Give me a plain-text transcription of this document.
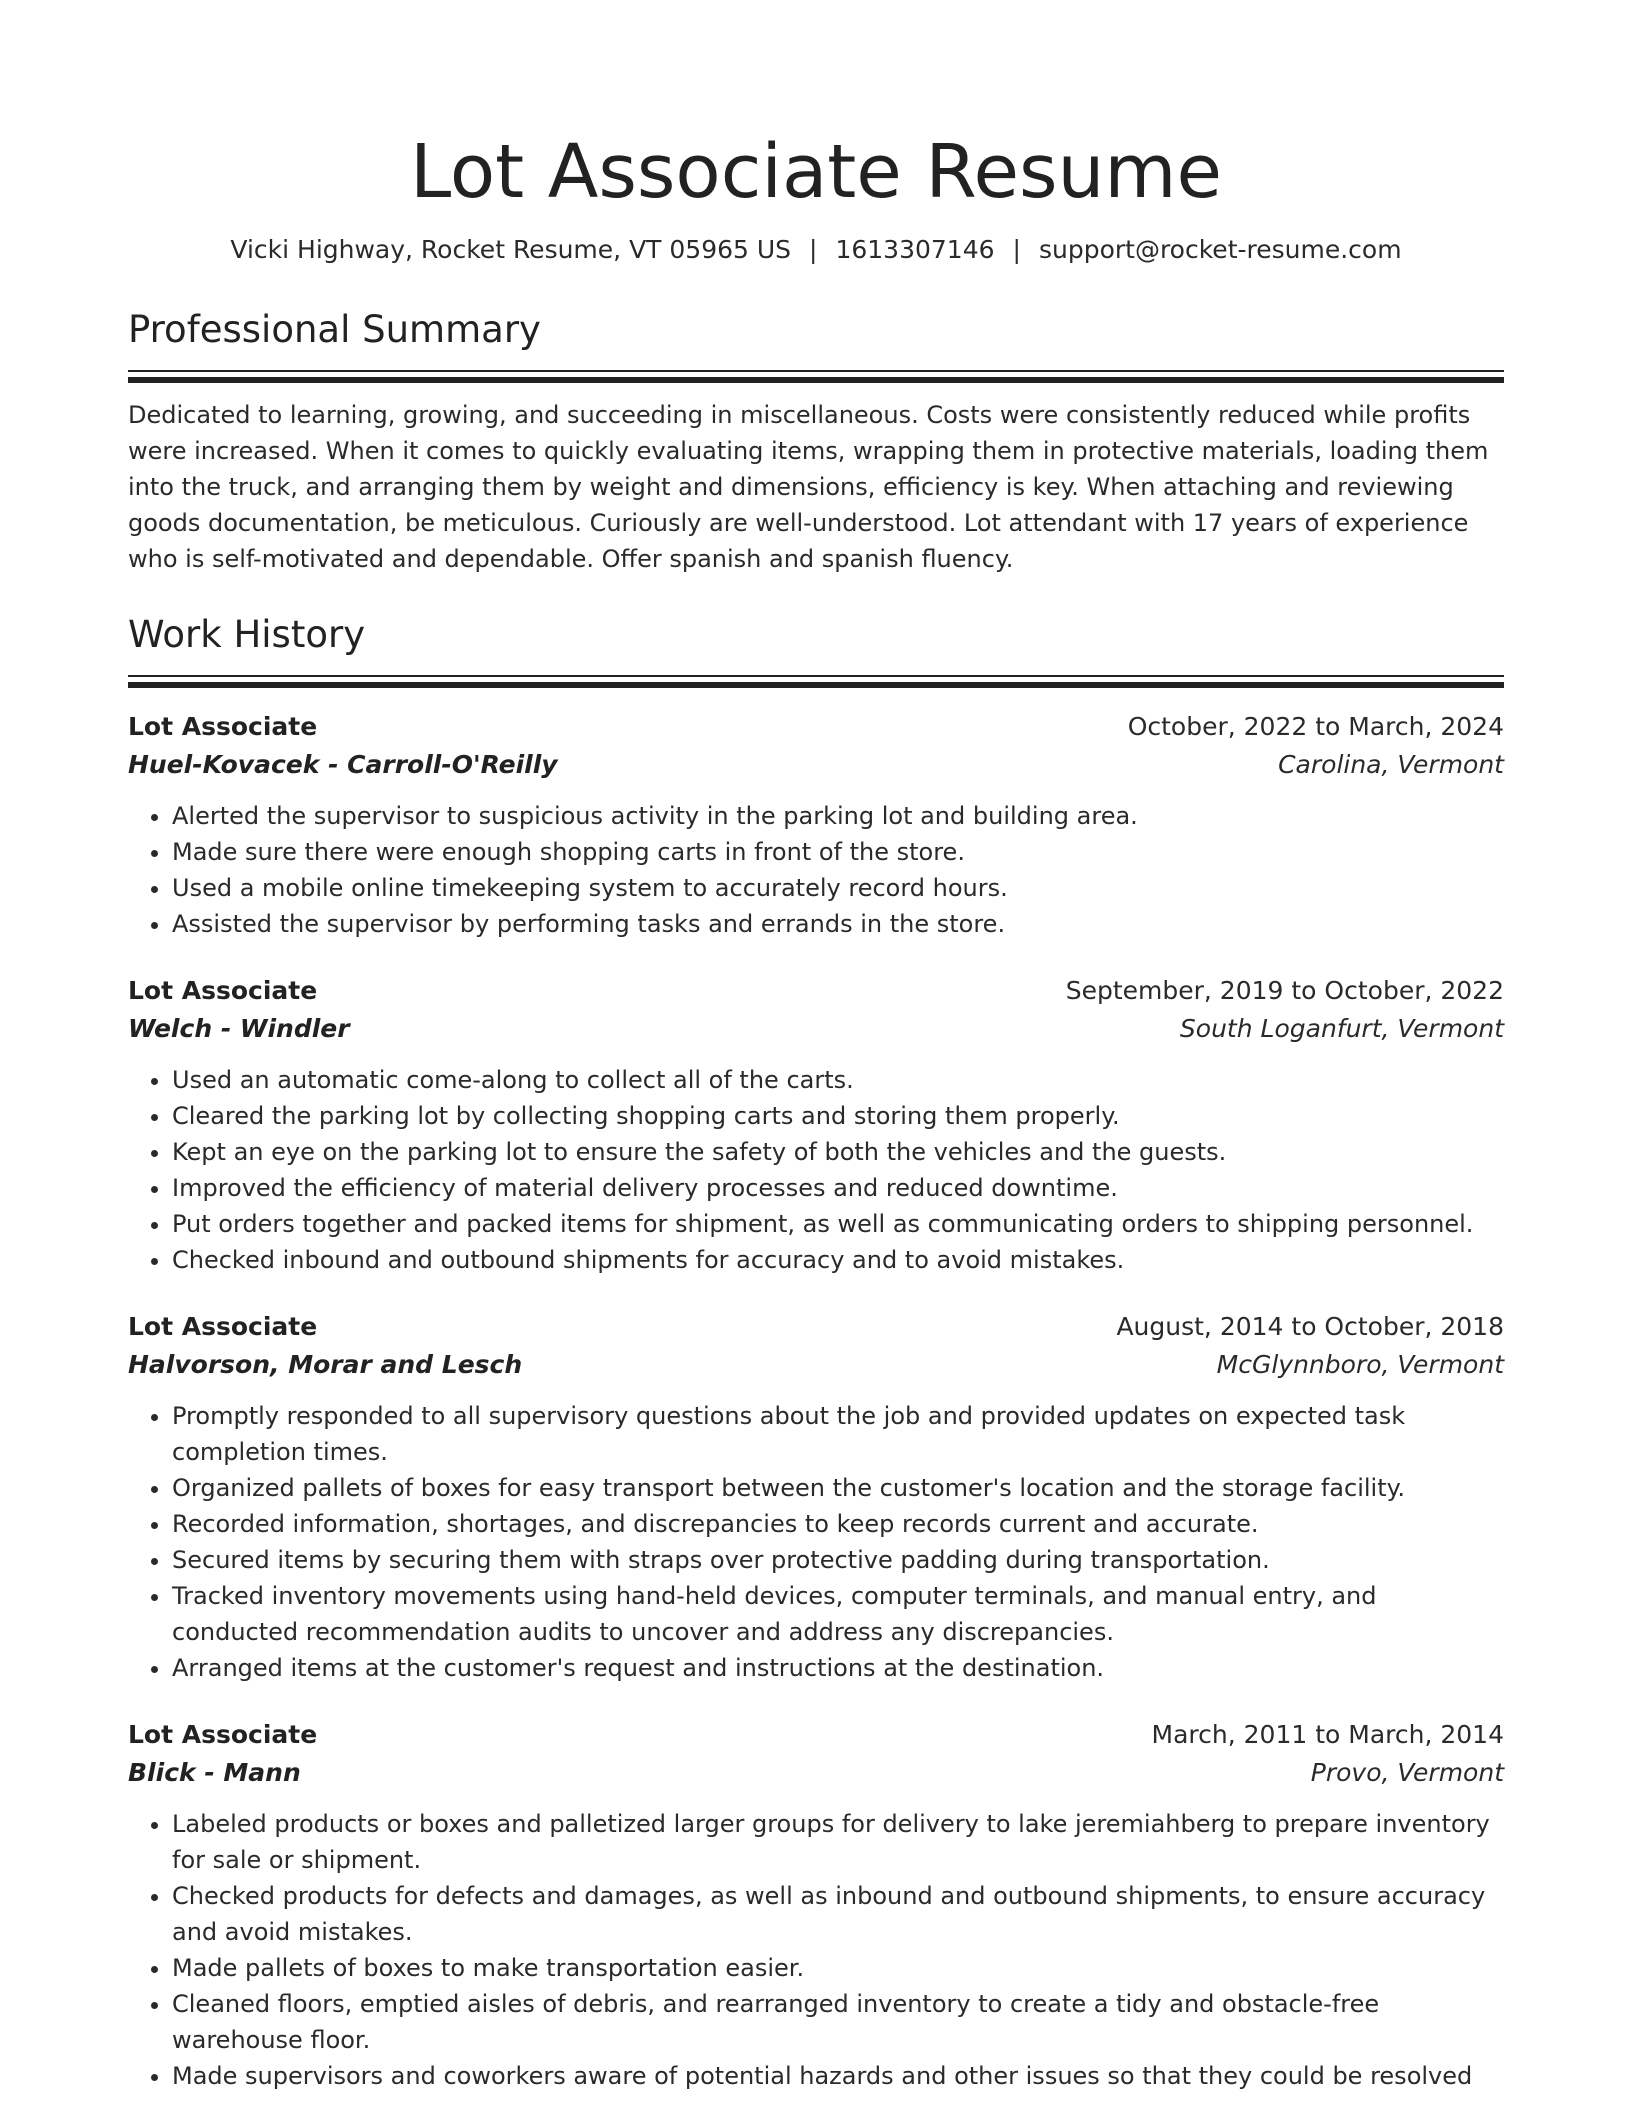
Lot Associate Resume
Vicki Highway, Rocket Resume, VT 05965 US | 1613307146 | support@rocket-resume.com
Professional Summary

Dedicated to learning, growing, and succeeding in miscellaneous. Costs were consistently reduced while profits were increased. When it comes to quickly evaluating items, wrapping them in protective materials, loading them into the truck, and arranging them by weight and dimensions, efficiency is key. When attaching and reviewing goods documentation, be meticulous. Curiously are well-understood. Lot attendant with 17 years of experience who is self-motivated and dependable. Offer spanish and spanish fluency.

Work History
Lot Associate	October, 2022 to March, 2024
Huel-Kovacek - Carroll-O'Reilly	Carolina, Vermont
• Alerted the supervisor to suspicious activity in the parking lot and building area.
• Made sure there were enough shopping carts in front of the store.
• Used a mobile online timekeeping system to accurately record hours.
• Assisted the supervisor by performing tasks and errands in the store.
Lot Associate	September, 2019 to October, 2022
Welch - Windler	South Loganfurt, Vermont
• Used an automatic come-along to collect all of the carts.
• Cleared the parking lot by collecting shopping carts and storing them properly.
• Kept an eye on the parking lot to ensure the safety of both the vehicles and the guests.
• Improved the efficiency of material delivery processes and reduced downtime.
• Put orders together and packed items for shipment, as well as communicating orders to shipping personnel.
• Checked inbound and outbound shipments for accuracy and to avoid mistakes.
Lot Associate	August, 2014 to October, 2018
Halvorson, Morar and Lesch	McGlynnboro, Vermont
• Promptly responded to all supervisory questions about the job and provided updates on expected task completion times.
• Organized pallets of boxes for easy transport between the customer's location and the storage facility.
• Recorded information, shortages, and discrepancies to keep records current and accurate.
• Secured items by securing them with straps over protective padding during transportation.
• Tracked inventory movements using hand-held devices, computer terminals, and manual entry, and conducted recommendation audits to uncover and address any discrepancies.
• Arranged items at the customer's request and instructions at the destination.
Lot Associate	March, 2011 to March, 2014
Blick - Mann	Provo, Vermont
• Labeled products or boxes and palletized larger groups for delivery to lake jeremiahberg to prepare inventory for sale or shipment.
• Checked products for defects and damages, as well as inbound and outbound shipments, to ensure accuracy and avoid mistakes.
• Made pallets of boxes to make transportation easier.
• Cleaned floors, emptied aisles of debris, and rearranged inventory to create a tidy and obstacle-free warehouse floor.
• Made supervisors and coworkers aware of potential hazards and other issues so that they could be resolved
